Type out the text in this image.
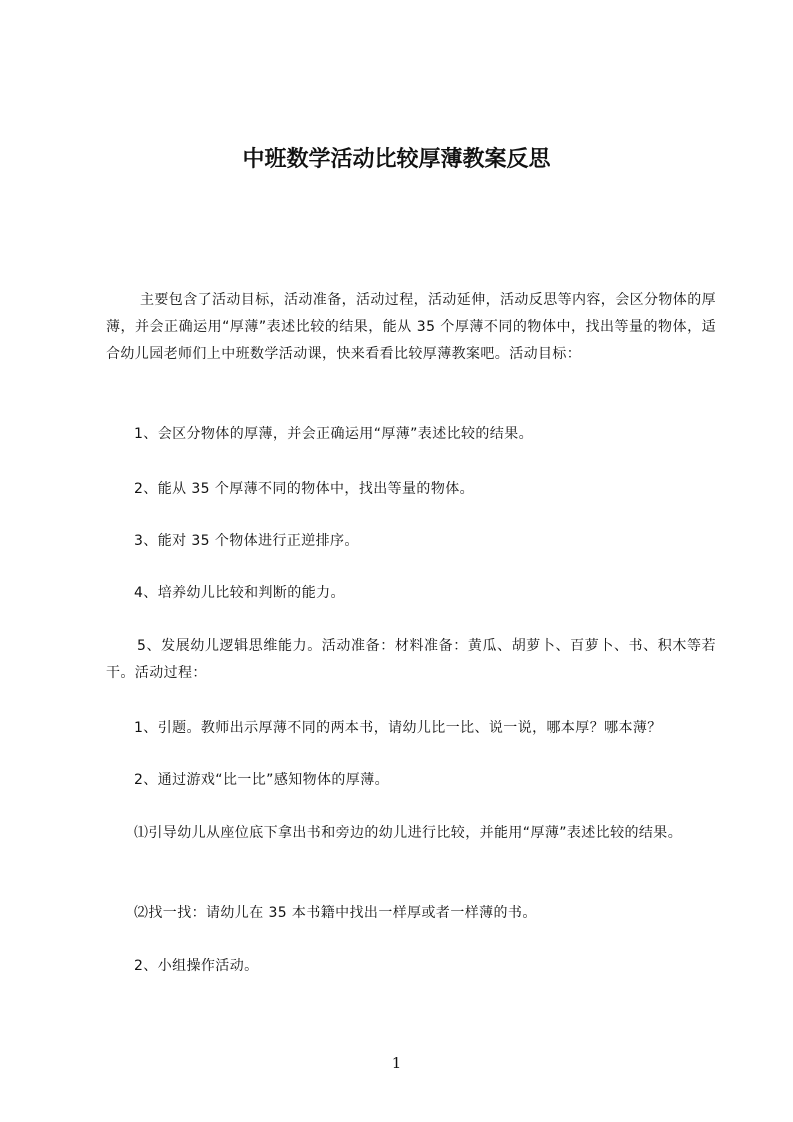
中班数学活动比较厚薄教案反思

主要包含了活动目标，活动准备，活动过程，活动延伸，活动反思等内容，会区分物体的厚薄，并会正确运用“厚薄”表述比较的结果，能从 35 个厚薄不同的物体中，找出等量的物体，适合幼儿园老师们上中班数学活动课，快来看看比较厚薄教案吧。活动目标：

1、会区分物体的厚薄，并会正确运用“厚薄”表述比较的结果。

2、能从 35 个厚薄不同的物体中，找出等量的物体。

3、能对 35 个物体进行正逆排序。

4、培养幼儿比较和判断的能力。

5、发展幼儿逻辑思维能力。活动准备：材料准备：黄瓜、胡萝卜、百萝卜、书、积木等若干。活动过程：

1、引题。教师出示厚薄不同的两本书，请幼儿比一比、说一说，哪本厚？哪本薄？

2、通过游戏“比一比”感知物体的厚薄。

⑴引导幼儿从座位底下拿出书和旁边的幼儿进行比较，并能用“厚薄”表述比较的结果。

⑵找一找：请幼儿在 35 本书籍中找出一样厚或者一样薄的书。

2、小组操作活动。

1
